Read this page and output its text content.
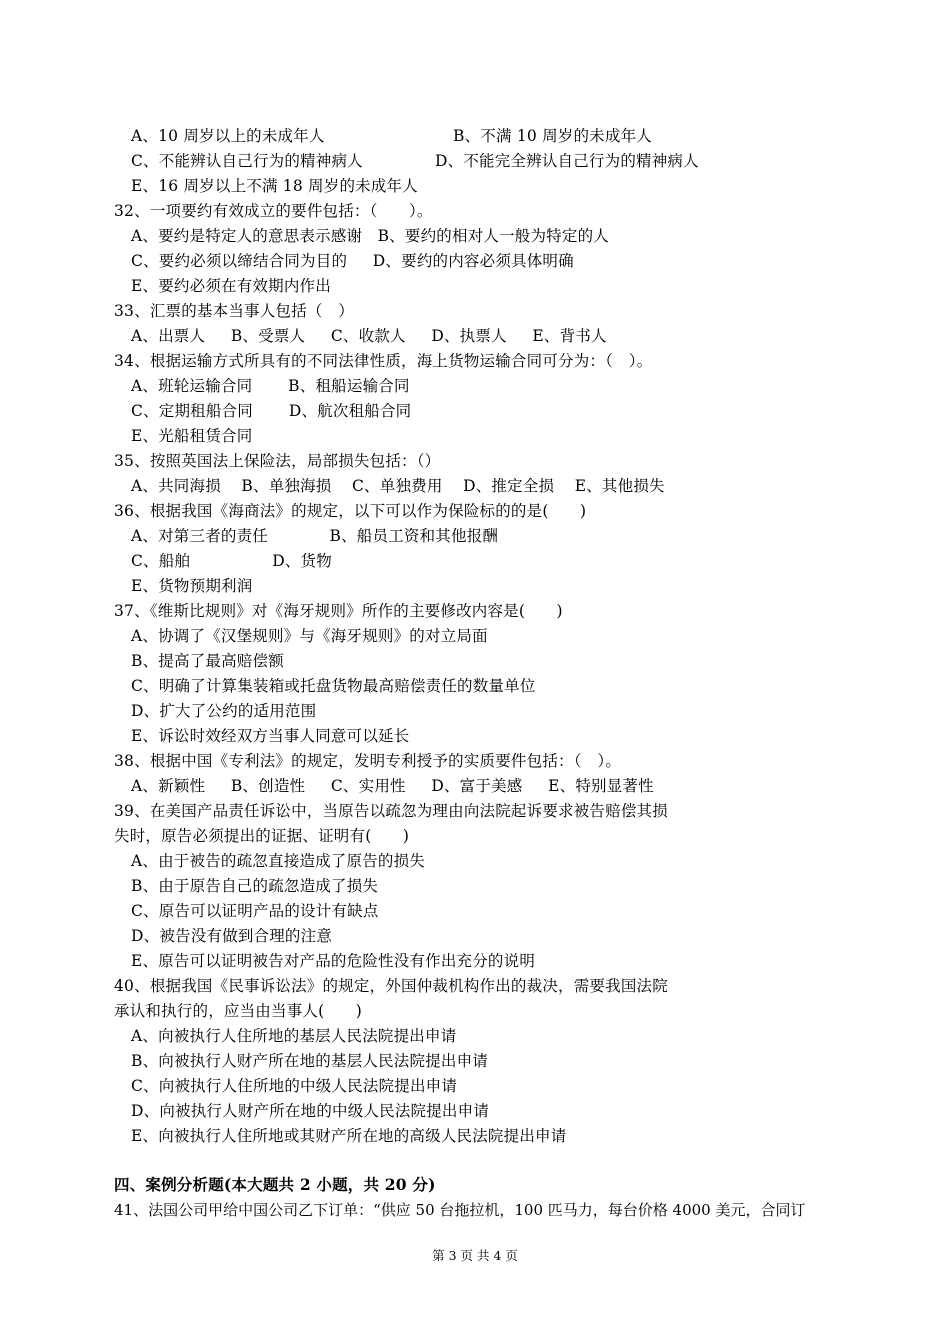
A、10 周岁以上的未成年人	B、不满 10 周岁的未成年人
C、不能辨认自己行为的精神病人	D、不能完全辨认自己行为的精神病人
E、16 周岁以上不满 18 周岁的未成年人
32、一项要约有效成立的要件包括：（　　）。
A、要约是特定人的意思表示感谢   B、要约的相对人一般为特定的人
C、要约必须以缔结合同为目的     D、要约的内容必须具体明确
E、要约必须在有效期内作出
33、汇票的基本当事人包括（　）
A、出票人     B、受票人     C、收款人     D、执票人     E、背书人
34、根据运输方式所具有的不同法律性质，海上货物运输合同可分为：（　）。
A、班轮运输合同       B、租船运输合同
C、定期租船合同       D、航次租船合同
E、光船租赁合同
35、按照英国法上保险法，局部损失包括：（）
A、共同海损    B、单独海损    C、单独费用    D、推定全损    E、其他损失
36、根据我国《海商法》的规定，以下可以作为保险标的的是(　　)
A、对第三者的责任            B、船员工资和其他报酬
C、船舶                D、货物
E、货物预期利润
37、《维斯比规则》对《海牙规则》所作的主要修改内容是(　　)
A、协调了《汉堡规则》与《海牙规则》的对立局面
B、提高了最高赔偿额
C、明确了计算集装箱或托盘货物最高赔偿责任的数量单位
D、扩大了公约的适用范围
E、诉讼时效经双方当事人同意可以延长
38、根据中国《专利法》的规定，发明专利授予的实质要件包括：（　）。
A、新颖性     B、创造性     C、实用性     D、富于美感     E、特别显著性
39、在美国产品责任诉讼中，当原告以疏忽为理由向法院起诉要求被告赔偿其损
失时，原告必须提出的证据、证明有(　　)
A、由于被告的疏忽直接造成了原告的损失
B、由于原告自己的疏忽造成了损失
C、原告可以证明产品的设计有缺点
D、被告没有做到合理的注意
E、原告可以证明被告对产品的危险性没有作出充分的说明
40、根据我国《民事诉讼法》的规定，外国仲裁机构作出的裁决，需要我国法院
承认和执行的，应当由当事人(　　)
A、向被执行人住所地的基层人民法院提出申请
B、向被执行人财产所在地的基层人民法院提出申请
C、向被执行人住所地的中级人民法院提出申请
D、向被执行人财产所在地的中级人民法院提出申请
E、向被执行人住所地或其财产所在地的高级人民法院提出申请
四、案例分析题(本大题共 2 小题，共 20 分)
41、法国公司甲给中国公司乙下订单：“供应 50 台拖拉机，100 匹马力，每台价格 4000 美元，合同订
第 3 页 共 4 页
